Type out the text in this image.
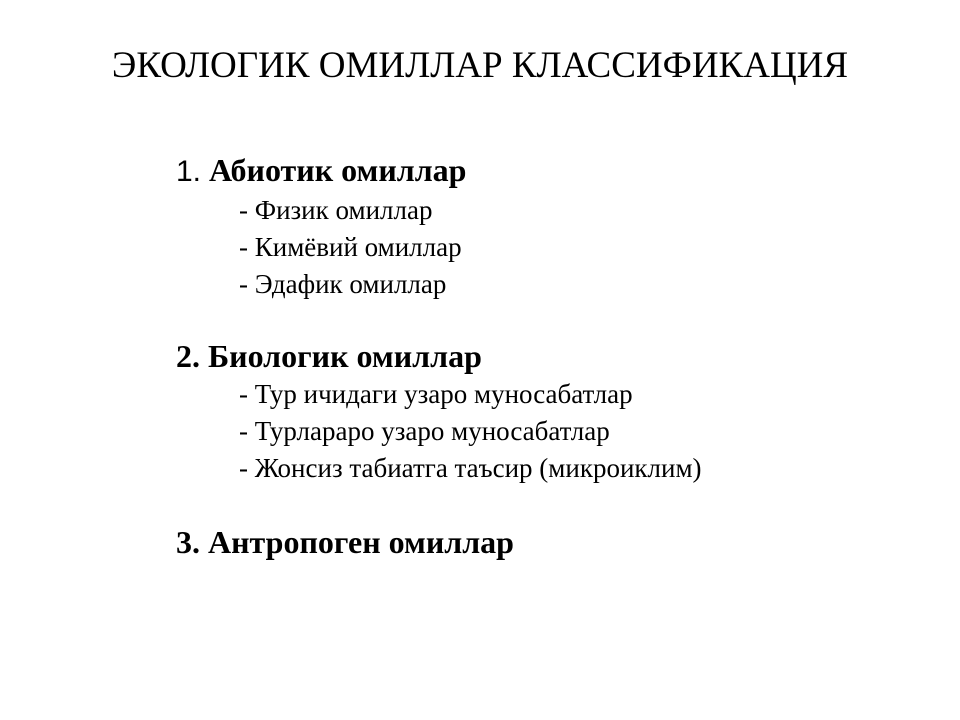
ЭКОЛОГИК ОМИЛЛАР КЛАССИФИКАЦИЯ
1. Абиотик омиллар
- Физик омиллар
- Кимёвий омиллар
- Эдафик омиллар
2. Биологик омиллар
- Тур ичидаги узаро муносабатлар
- Турлараро узаро муносабатлар
- Жонсиз табиатга таъсир (микроиклим)
3. Антропоген омиллар
